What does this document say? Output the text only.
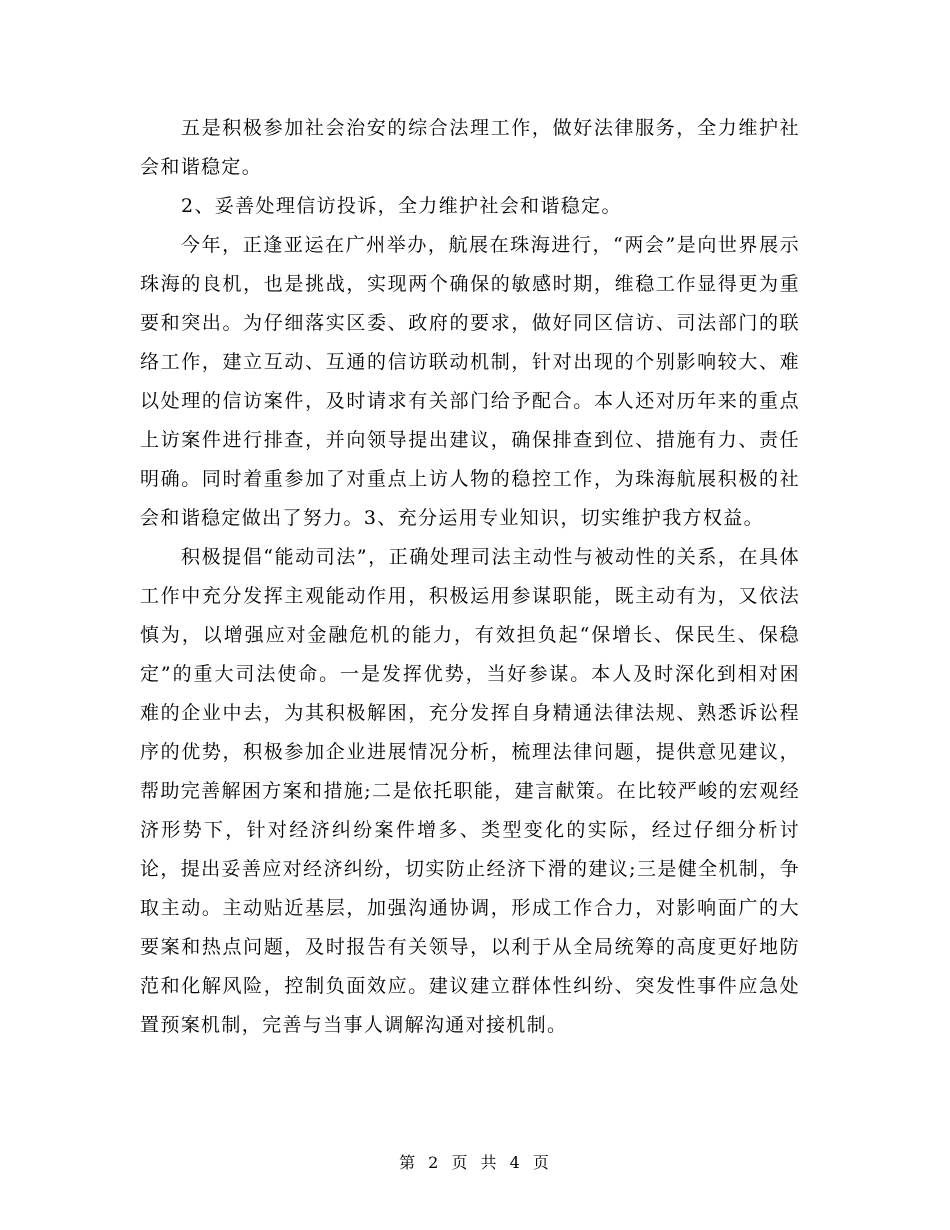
五是积极参加社会治安的综合法理工作，做好法律服务，全力维护社会和谐稳定。

2、妥善处理信访投诉，全力维护社会和谐稳定。

今年，正逢亚运在广州举办，航展在珠海进行，“两会”是向世界展示珠海的良机，也是挑战，实现两个确保的敏感时期，维稳工作显得更为重要和突出。为仔细落实区委、政府的要求，做好同区信访、司法部门的联络工作，建立互动、互通的信访联动机制，针对出现的个别影响较大、难以处理的信访案件，及时请求有关部门给予配合。本人还对历年来的重点上访案件进行排查，并向领导提出建议，确保排查到位、措施有力、责任明确。同时着重参加了对重点上访人物的稳控工作，为珠海航展积极的社会和谐稳定做出了努力。3、充分运用专业知识，切实维护我方权益。

积极提倡“能动司法”，正确处理司法主动性与被动性的关系，在具体工作中充分发挥主观能动作用，积极运用参谋职能，既主动有为，又依法慎为，以增强应对金融危机的能力，有效担负起“保增长、保民生、保稳定”的重大司法使命。一是发挥优势，当好参谋。本人及时深化到相对困难的企业中去，为其积极解困，充分发挥自身精通法律法规、熟悉诉讼程序的优势，积极参加企业进展情况分析，梳理法律问题，提供意见建议，帮助完善解困方案和措施;二是依托职能，建言献策。在比较严峻的宏观经济形势下，针对经济纠纷案件增多、类型变化的实际，经过仔细分析讨论，提出妥善应对经济纠纷，切实防止经济下滑的建议;三是健全机制，争取主动。主动贴近基层，加强沟通协调，形成工作合力，对影响面广的大要案和热点问题，及时报告有关领导，以利于从全局统筹的高度更好地防范和化解风险，控制负面效应。建议建立群体性纠纷、突发性事件应急处置预案机制，完善与当事人调解沟通对接机制。

第 2 页 共 4 页
